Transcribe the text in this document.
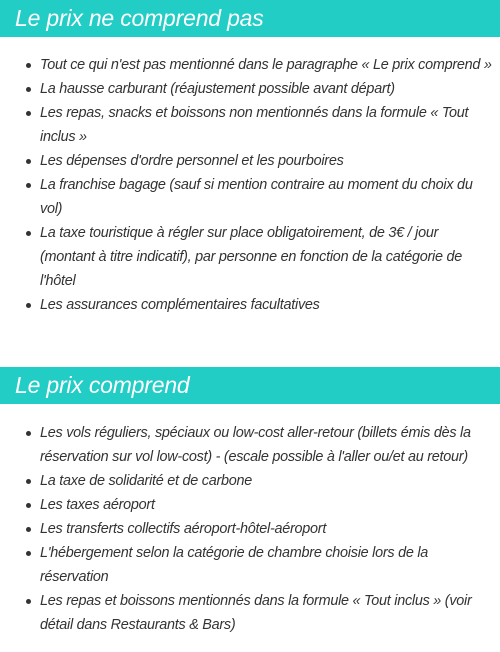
Le prix ne comprend pas
Tout ce qui n'est pas mentionné dans le paragraphe « Le prix comprend »
La hausse carburant (réajustement possible avant départ)
Les repas, snacks et boissons non mentionnés dans la formule « Tout inclus »
Les dépenses d'ordre personnel et les pourboires
La franchise bagage (sauf si mention contraire au moment du choix du vol)
La taxe touristique à régler sur place obligatoirement, de 3€ / jour (montant à titre indicatif), par personne en fonction de la catégorie de l'hôtel
Les assurances complémentaires facultatives
Le prix comprend
Les vols réguliers, spéciaux ou low-cost aller-retour (billets émis dès la réservation sur vol low-cost) - (escale possible à l'aller ou/et au retour)
La taxe de solidarité et de carbone
Les taxes aéroport
Les transferts collectifs aéroport-hôtel-aéroport
L'hébergement selon la catégorie de chambre choisie lors de la réservation
Les repas et boissons mentionnés dans la formule « Tout inclus » (voir détail dans Restaurants & Bars)
